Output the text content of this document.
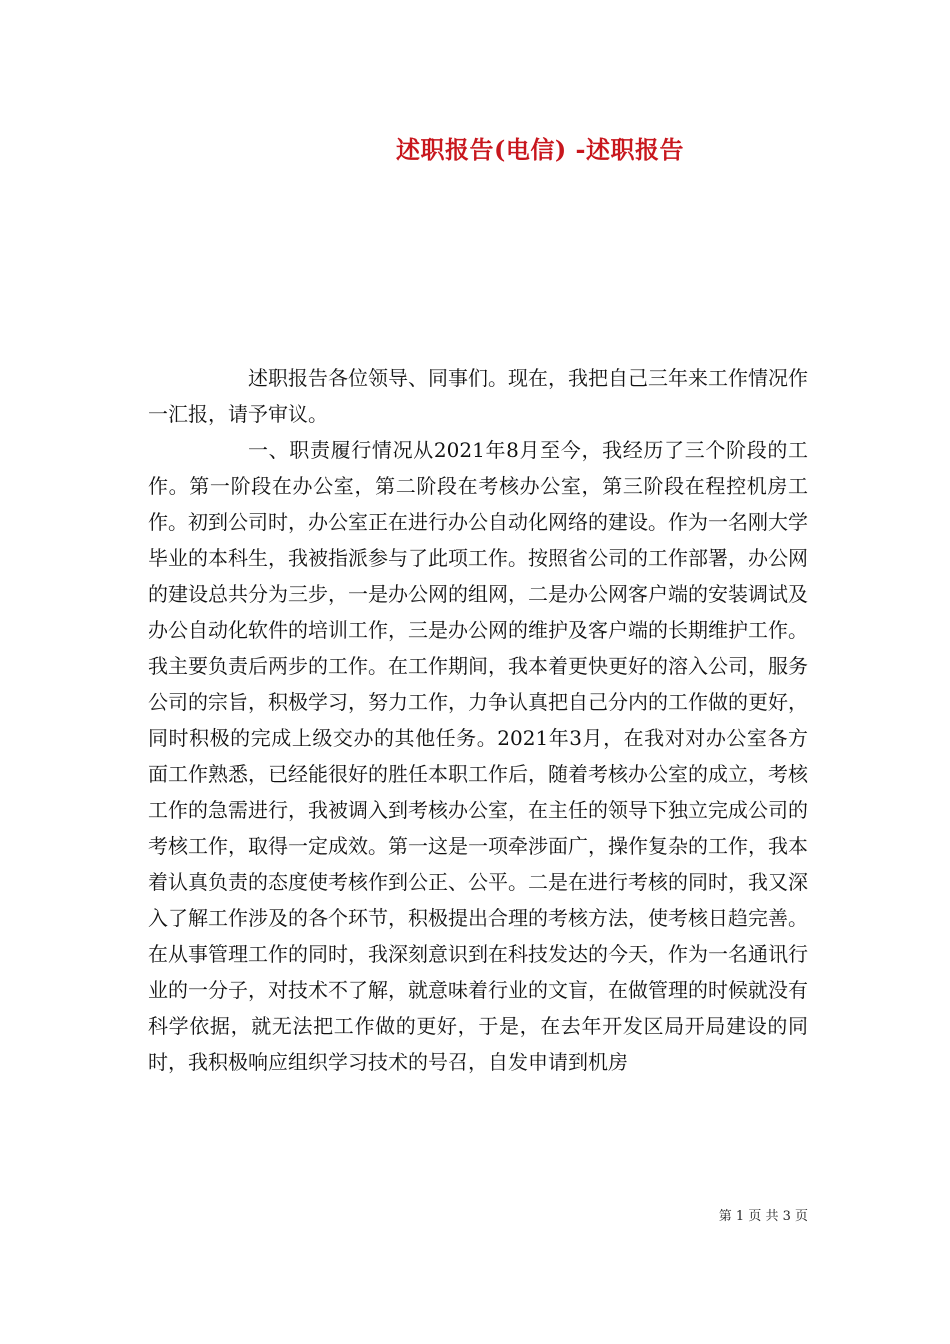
述职报告(电信) -述职报告

述职报告各位领导、同事们。现在，我把自己三年来工作情况作一汇报，请予审议。

一、职责履行情况从2021年8月至今，我经历了三个阶段的工作。第一阶段在办公室，第二阶段在考核办公室，第三阶段在程控机房工作。初到公司时，办公室正在进行办公自动化网络的建设。作为一名刚大学毕业的本科生，我被指派参与了此项工作。按照省公司的工作部署，办公网的建设总共分为三步，一是办公网的组网，二是办公网客户端的安装调试及办公自动化软件的培训工作，三是办公网的维护及客户端的长期维护工作。我主要负责后两步的工作。在工作期间，我本着更快更好的溶入公司，服务公司的宗旨，积极学习，努力工作，力争认真把自己分内的工作做的更好，同时积极的完成上级交办的其他任务。2021年3月，在我对对办公室各方面工作熟悉，已经能很好的胜任本职工作后，随着考核办公室的成立，考核工作的急需进行，我被调入到考核办公室，在主任的领导下独立完成公司的考核工作，取得一定成效。第一这是一项牵涉面广，操作复杂的工作，我本着认真负责的态度使考核作到公正、公平。二是在进行考核的同时，我又深入了解工作涉及的各个环节，积极提出合理的考核方法，使考核日趋完善。在从事管理工作的同时，我深刻意识到在科技发达的今天，作为一名通讯行业的一分子，对技术不了解，就意味着行业的文盲，在做管理的时候就没有科学依据，就无法把工作做的更好，于是，在去年开发区局开局建设的同时，我积极响应组织学习技术的号召，自发申请到机房

第 1 页 共 3 页
